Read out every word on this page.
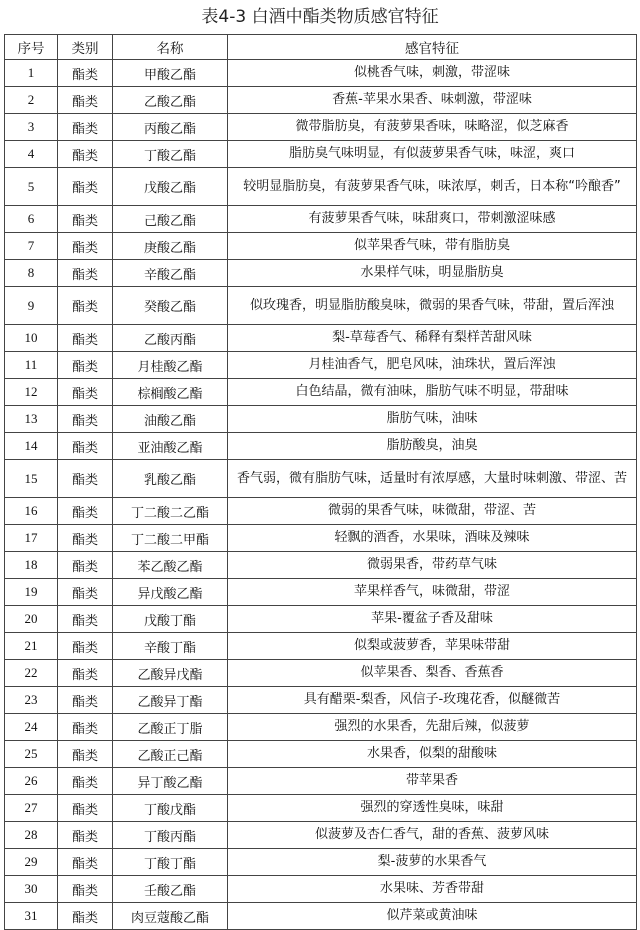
表4-3 白酒中酯类物质感官特征
序号	类别	名称	感官特征
1	酯类	甲酸乙酯	似桃香气味，刺激，带涩味
2	酯类	乙酸乙酯	香蕉-苹果水果香、味刺激，带涩味
3	酯类	丙酸乙酯	微带脂肪臭，有菠萝果香味，味略涩，似芝麻香
4	酯类	丁酸乙酯	脂肪臭气味明显，有似菠萝果香气味，味涩，爽口
5	酯类	戊酸乙酯	较明显脂肪臭，有菠萝果香气味，味浓厚，刺舌，日本称“吟酿香”
6	酯类	己酸乙酯	有菠萝果香气味，味甜爽口，带刺激涩味感
7	酯类	庚酸乙酯	似苹果香气味，带有脂肪臭
8	酯类	辛酸乙酯	水果样气味，明显脂肪臭
9	酯类	癸酸乙酯	似玫瑰香，明显脂肪酸臭味，微弱的果香气味，带甜，置后浑浊
10	酯类	乙酸丙酯	梨-草莓香气、稀释有梨样苦甜风味
11	酯类	月桂酸乙酯	月桂油香气，肥皂风味，油珠状，置后浑浊
12	酯类	棕榈酸乙酯	白色结晶，微有油味，脂肪气味不明显，带甜味
13	酯类	油酸乙酯	脂肪气味，油味
14	酯类	亚油酸乙酯	脂肪酸臭，油臭
15	酯类	乳酸乙酯	香气弱，微有脂肪气味，适量时有浓厚感，大量时味刺激、带涩、苦
16	酯类	丁二酸二乙酯	微弱的果香气味，味微甜，带涩、苦
17	酯类	丁二酸二甲酯	轻飘的酒香，水果味，酒味及辣味
18	酯类	苯乙酸乙酯	微弱果香，带药草气味
19	酯类	异戊酸乙酯	苹果样香气，味微甜，带涩
20	酯类	戊酸丁酯	苹果-覆盆子香及甜味
21	酯类	辛酸丁酯	似梨或菠萝香，苹果味带甜
22	酯类	乙酸异戊酯	似苹果香、梨香、香蕉香
23	酯类	乙酸异丁酯	具有醋栗-梨香，风信子-玫瑰花香，似醚微苦
24	酯类	乙酸正丁脂	强烈的水果香，先甜后辣，似菠萝
25	酯类	乙酸正己酯	水果香，似梨的甜酸味
26	酯类	异丁酸乙酯	带苹果香
27	酯类	丁酸戊酯	强烈的穿透性臭味，味甜
28	酯类	丁酸丙酯	似菠萝及杏仁香气，甜的香蕉、菠萝风味
29	酯类	丁酸丁酯	梨-菠萝的水果香气
30	酯类	壬酸乙酯	水果味、芳香带甜
31	酯类	肉豆蔻酸乙酯	似芹菜或黄油味
